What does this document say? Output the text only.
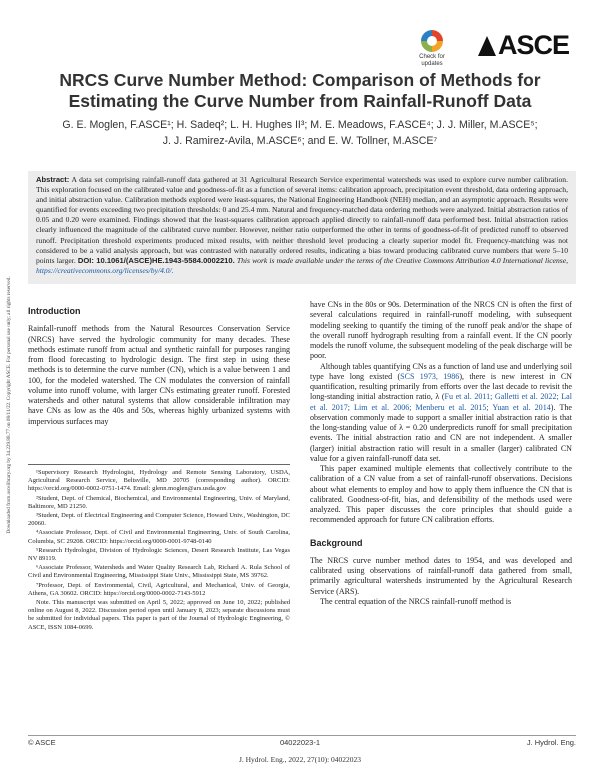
Downloaded from ascelibrary.org by 34.229.88.77 on 08/11/22. Copyright ASCE. For personal use only; all rights reserved.
Check for
updates
ASCE
NRCS Curve Number Method: Comparison of Methods for
Estimating the Curve Number from Rainfall-Runoff Data
G. E. Moglen, F.ASCE¹; H. Sadeq²; L. H. Hughes II³; M. E. Meadows, F.ASCE⁴; J. J. Miller, M.ASCE⁵;
J. J. Ramirez-Avila, M.ASCE⁶; and E. W. Tollner, M.ASCE⁷
Abstract: A data set comprising rainfall-runoff data gathered at 31 Agricultural Research Service experimental watersheds was used to explore curve number calibration. This exploration focused on the calibrated value and goodness-of-fit as a function of several items: calibration approach, precipitation event threshold, data ordering approach, and initial abstraction value. Calibration methods explored were least-squares, the National Engineering Handbook (NEH) median, and an asymptotic approach. Results were quantified for events exceeding two precipitation thresholds: 0 and 25.4 mm. Natural and frequency-matched data ordering methods were analyzed. Initial abstraction ratios of 0.05 and 0.20 were examined. Findings showed that the least-squares calibration approach applied directly to rainfall-runoff data performed best. Initial abstraction ratios clearly influenced the magnitude of the calibrated curve number. However, neither ratio outperformed the other in terms of goodness-of-fit of predicted runoff to observed runoff. Precipitation threshold experiments produced mixed results, with neither threshold level producing a clearly superior model fit. Frequency-matching was not considered to be a valid analysis approach, but was contrasted with naturally ordered results, indicating a bias toward producing calibrated curve numbers that were 5–10 points larger. DOI: 10.1061/(ASCE)HE.1943-5584.0002210. This work is made available under the terms of the Creative Commons Attribution 4.0 International license, https://creativecommons.org/licenses/by/4.0/.
Introduction

Rainfall-runoff methods from the Natural Resources Conservation Service (NRCS) have served the hydrologic community for many decades. These methods estimate runoff from actual and synthetic rainfall for purposes ranging from flood forecasting to hydrologic design. The first step in using these methods is to determine the curve number (CN), which is a value between 1 and 100, for the modeled watershed. The CN modulates the conversion of rainfall volume into runoff volume, with larger CNs estimating greater runoff. Forested watersheds and other natural systems that allow considerable infiltration may have CNs as low as the 40s and 50s, whereas highly urbanized systems with impervious surfaces may

¹Supervisory Research Hydrologist, Hydrology and Remote Sensing Laboratory, USDA, Agricultural Research Service, Beltsville, MD 20705 (corresponding author). ORCID: https://orcid.org/0000-0002-0751-1474. Email: glenn.moglen@ars.usda.gov

²Student, Dept. of Chemical, Biochemical, and Environmental Engineering, Univ. of Maryland, Baltimore, MD 21250.

³Student, Dept. of Electrical Engineering and Computer Science, Howard Univ., Washington, DC 20060.

⁴Associate Professor, Dept. of Civil and Environmental Engineering, Univ. of South Carolina, Columbia, SC 29208. ORCID: https://orcid.org/0000-0001-9748-0140

⁵Research Hydrologist, Division of Hydrologic Sciences, Desert Research Institute, Las Vegas NV 89119.

⁶Associate Professor, Watersheds and Water Quality Research Lab, Richard A. Rula School of Civil and Environmental Engineering, Mississippi State Univ., Mississippi State, MS 39762.

⁷Professor, Dept. of Environmental, Civil, Agricultural, and Mechanical, Univ. of Georgia, Athens, GA 30602. ORCID: https://orcid.org/0000-0002-7143-5912

Note. This manuscript was submitted on April 5, 2022; approved on June 10, 2022; published online on August 8, 2022. Discussion period open until January 8, 2023; separate discussions must be submitted for individual papers. This paper is part of the Journal of Hydrologic Engineering, © ASCE, ISSN 1084-0699.

have CNs in the 80s or 90s. Determination of the NRCS CN is often the first of several calculations required in rainfall-runoff modeling, with subsequent modeling seeking to quantify the timing of the runoff peak and/or the shape of the overall runoff hydrograph resulting from a rainfall event. If the CN poorly models the runoff volume, the subsequent modeling of the peak discharge will be poor.

Although tables quantifying CNs as a function of land use and underlying soil type have long existed (SCS 1973, 1986), there is new interest in CN quantification, resulting primarily from efforts over the last decade to revisit the long-standing initial abstraction ratio, λ (Fu et al. 2011; Galletti et al. 2022; Lal et al. 2017; Lim et al. 2006; Menberu et al. 2015; Yuan et al. 2014). The observation commonly made to support a smaller initial abstraction ratio is that the long-standing value of λ = 0.20 underpredicts runoff for small precipitation events. The initial abstraction ratio and CN are not independent. A smaller (larger) initial abstraction ratio will result in a smaller (larger) calibrated CN value for a given rainfall-runoff data set.

This paper examined multiple elements that collectively contribute to the calibration of a CN value from a set of rainfall-runoff observations. Decisions about what elements to employ and how to apply them influence the CN that is calibrated. Goodness-of-fit, bias, and defensibility of the methods used were analyzed. This paper discusses the core principles that should guide a recommended approach for future CN calibration efforts.

Background

The NRCS curve number method dates to 1954, and was developed and calibrated using observations of rainfall-runoff data gathered from small, primarily agricultural watersheds instrumented by the Agricultural Research Service (ARS).

The central equation of the NRCS rainfall-runoff method is

© ASCE	04022023-1	J. Hydrol. Eng.
J. Hydrol. Eng., 2022, 27(10): 04022023
